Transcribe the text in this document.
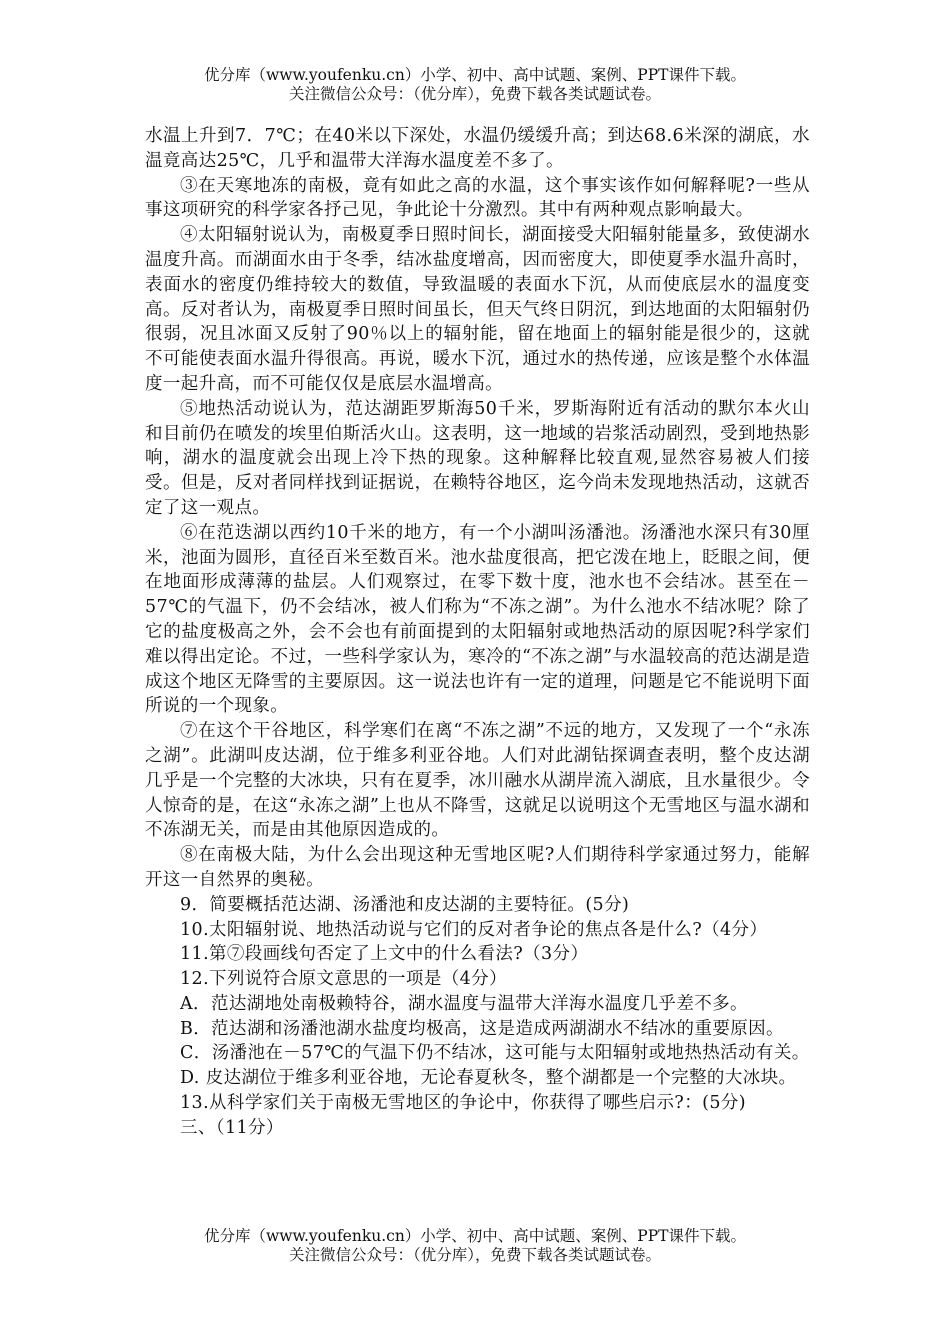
优分库（www.youfenku.cn）小学、初中、高中试题、案例、PPT课件下载。
关注微信公众号：（优分库），免费下载各类试题试卷。

水温上升到7．7℃；在40米以下深处，水温仍缓缓升高；到达68.6米深的湖底，水温竟高达25℃，几乎和温带大洋海水温度差不多了。

③在天寒地冻的南极，竟有如此之高的水温，这个事实该作如何解释呢?一些从事这项研究的科学家各抒己见，争此论十分激烈。其中有两种观点影响最大。

④太阳辐射说认为，南极夏季日照时间长，湖面接受大阳辐射能量多，致使湖水温度升高。而湖面水由于冬季，结冰盐度增高，因而密度大，即使夏季水温升高时，表面水的密度仍维持较大的数值，导致温暖的表面水下沉，从而使底层水的温度变高。反对者认为，南极夏季日照时间虽长，但天气终日阴沉，到达地面的太阳辐射仍很弱，况且冰面又反射了90％以上的辐射能，留在地面上的辐射能是很少的，这就不可能使表面水温升得很高。再说，暖水下沉，通过水的热传递，应该是整个水体温度一起升高，而不可能仅仅是底层水温增高。

⑤地热活动说认为，范达湖距罗斯海50千米，罗斯海附近有活动的默尔本火山和目前仍在喷发的埃里伯斯活火山。这表明，这一地域的岩浆活动剧烈，受到地热影响，湖水的温度就会出现上冷下热的现象。这种解释比较直观,显然容易被人们接受。但是，反对者同样找到证据说，在赖特谷地区，迄今尚未发现地热活动，这就否定了这一观点。

⑥在范迭湖以西约10千米的地方，有一个小湖叫汤潘池。汤潘池水深只有30厘米，池面为圆形，直径百米至数百米。池水盐度很高，把它泼在地上，眨眼之间，便在地面形成薄薄的盐层。人们观察过，在零下数十度，池水也不会结冰。甚至在－57℃的气温下，仍不会结冰，被人们称为“不冻之湖”。为什么池水不结冰呢？除了它的盐度极高之外，会不会也有前面提到的太阳辐射或地热活动的原因呢?科学家们难以得出定论。不过，一些科学家认为，寒冷的“不冻之湖”与水温较高的范达湖是造成这个地区无降雪的主要原因。这一说法也许有一定的道理，问题是它不能说明下面所说的一个现象。

⑦在这个干谷地区，科学寒们在离“不冻之湖”不远的地方，又发现了一个“永冻之湖”。此湖叫皮达湖，位于维多利亚谷地。人们对此湖钻探调查表明，整个皮达湖几乎是一个完整的大冰块，只有在夏季，冰川融水从湖岸流入湖底，且水量很少。令人惊奇的是，在这“永冻之湖”上也从不降雪，这就足以说明这个无雪地区与温水湖和不冻湖无关，而是由其他原因造成的。

⑧在南极大陆，为什么会出现这种无雪地区呢?人们期待科学家通过努力，能解开这一自然界的奥秘。

9．简要概括范达湖、汤潘池和皮达湖的主要特征。(5分)

10.太阳辐射说、地热活动说与它们的反对者争论的焦点各是什么?（4分）

11.第⑦段画线句否定了上文中的什么看法?（3分）

12.下列说符合原文意思的一项是（4分）

A．范达湖地处南极赖特谷，湖水温度与温带大洋海水温度几乎差不多。

B．范达湖和汤潘池湖水盐度均极高，这是造成两湖湖水不结冰的重要原因。

C．汤潘池在－57℃的气温下仍不结冰，这可能与太阳辐射或地热热活动有关。

D. 皮达湖位于维多利亚谷地，无论春夏秋冬，整个湖都是一个完整的大冰块。

13.从科学家们关于南极无雪地区的争论中，你获得了哪些启示?：(5分)

三、（11分）

优分库（www.youfenku.cn）小学、初中、高中试题、案例、PPT课件下载。
关注微信公众号：（优分库），免费下载各类试题试卷。
